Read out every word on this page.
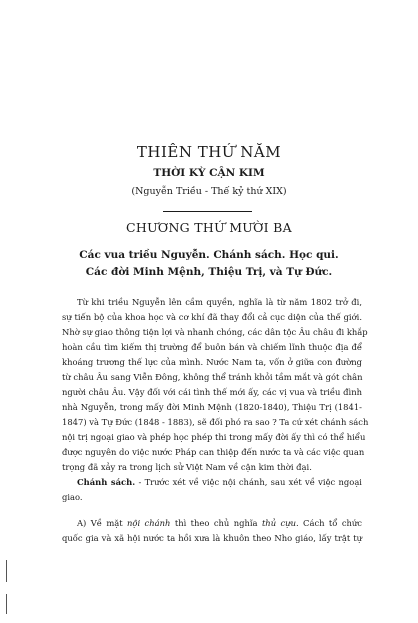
THIÊN THỨ NĂM
THỜI KỲ CẬN KIM
(Nguyễn Triều - Thế kỷ thứ XIX)
CHƯƠNG THỨ MƯỜI BA
Các vua triều Nguyễn. Chánh sách. Học qui.
Các đời Minh Mệnh, Thiệu Trị, và Tự Đức.
Từ khi triều Nguyễn lên cầm quyền, nghĩa là từ năm 1802 trở đi,
sự tiến bộ của khoa học và cơ khí đã thay đổi cả cục diện của thế giới.
Nhờ sự giao thông tiện lợi và nhanh chóng, các dân tộc Âu châu đi khắp
hoàn cầu tìm kiếm thị trường để buôn bán và chiếm lĩnh thuộc địa để
khoáng trương thế lực của mình. Nước Nam ta, vốn ở giữa con đường
từ châu Âu sang Viễn Đông, không thể tránh khỏi tầm mắt và gót chân
người châu Âu. Vậy đối với cái tình thế mới ấy, các vị vua và triều đình
nhà Nguyễn, trong mấy đời Minh Mệnh (1820-1840), Thiệu Trị (1841-
1847) và Tự Đức (1848 - 1883), sẽ đối phó ra sao ? Ta cứ xét chánh sách
nội trị ngoại giao và phép học phép thi trong mấy đời ấy thì có thể hiểu
được nguyên do việc nước Pháp can thiệp đến nước ta và các việc quan
trọng đã xảy ra trong lịch sử Việt Nam về cận kim thời đại.
Chánh sách. - Trước xét về việc nội chánh, sau xét về việc ngoại
giao.
A) Về mặt nội chánh thì theo chủ nghĩa thủ cựu. Cách tổ chức
quốc gia và xã hội nước ta hồi xưa là khuôn theo Nho giáo, lấy trật tự
